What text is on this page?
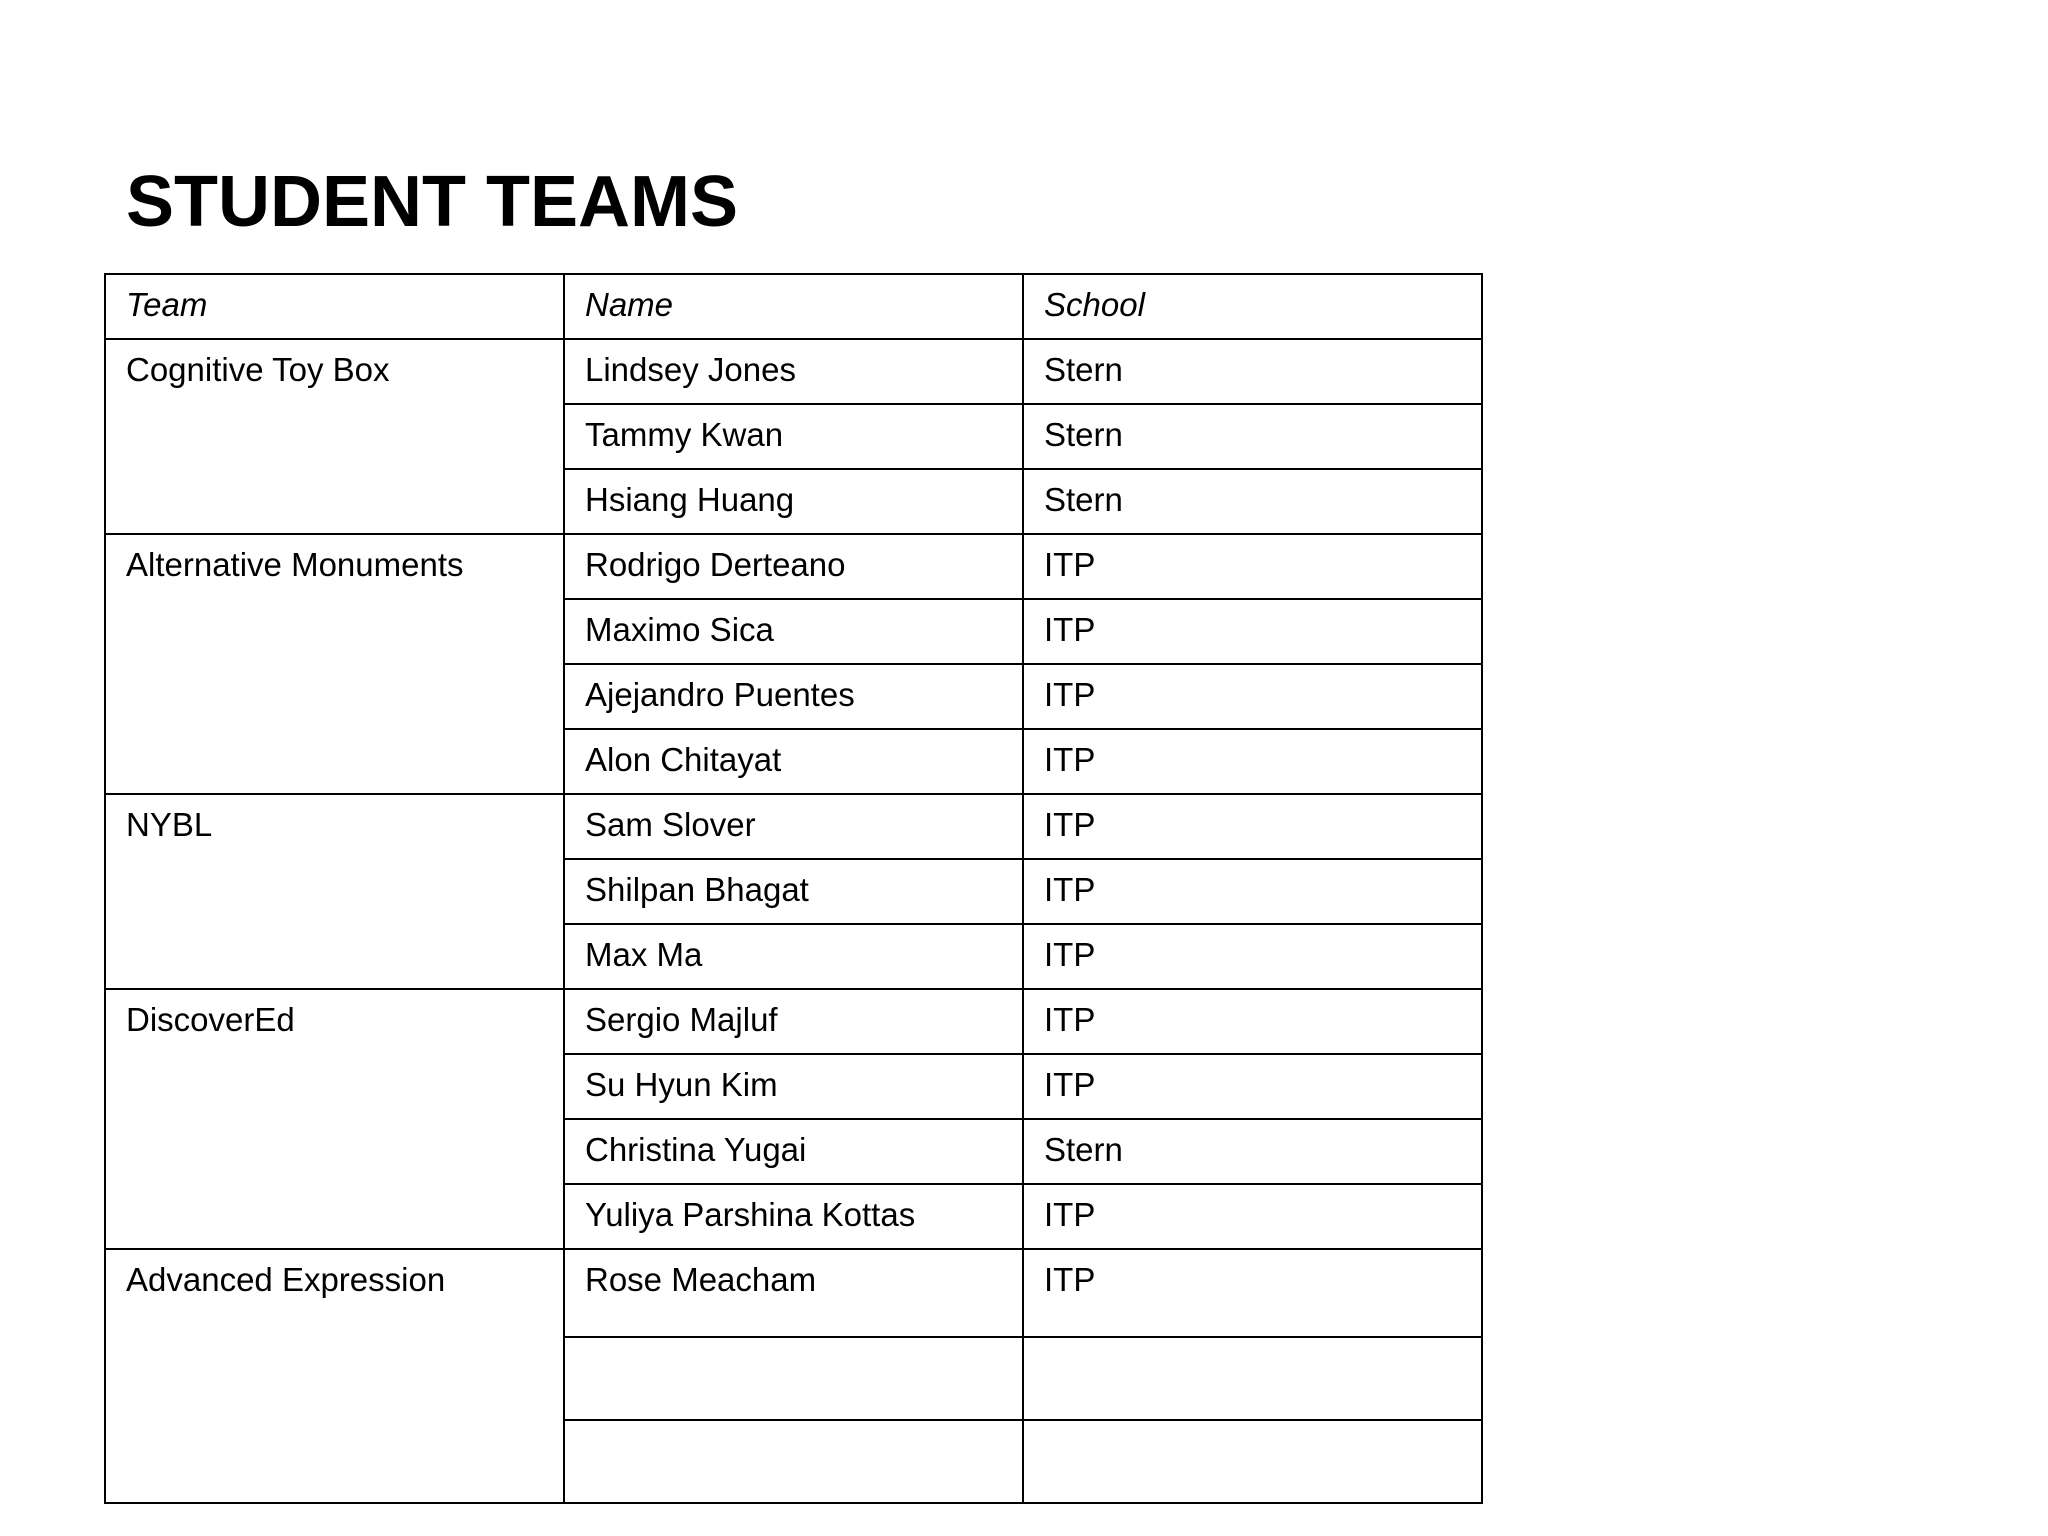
STUDENT TEAMS
Team	Name	School
Cognitive Toy Box	Lindsey Jones	Stern
	Tammy Kwan	Stern
	Hsiang Huang	Stern
Alternative Monuments	Rodrigo Derteano	ITP
	Maximo Sica	ITP
	Ajejandro Puentes	ITP
	Alon Chitayat	ITP
NYBL	Sam Slover	ITP
	Shilpan Bhagat	ITP
	Max Ma	ITP
DiscoverEd	Sergio Majluf	ITP
	Su Hyun Kim	ITP
	Christina Yugai	Stern
	Yuliya Parshina Kottas	ITP
Advanced Expression	Rose Meacham	ITP
